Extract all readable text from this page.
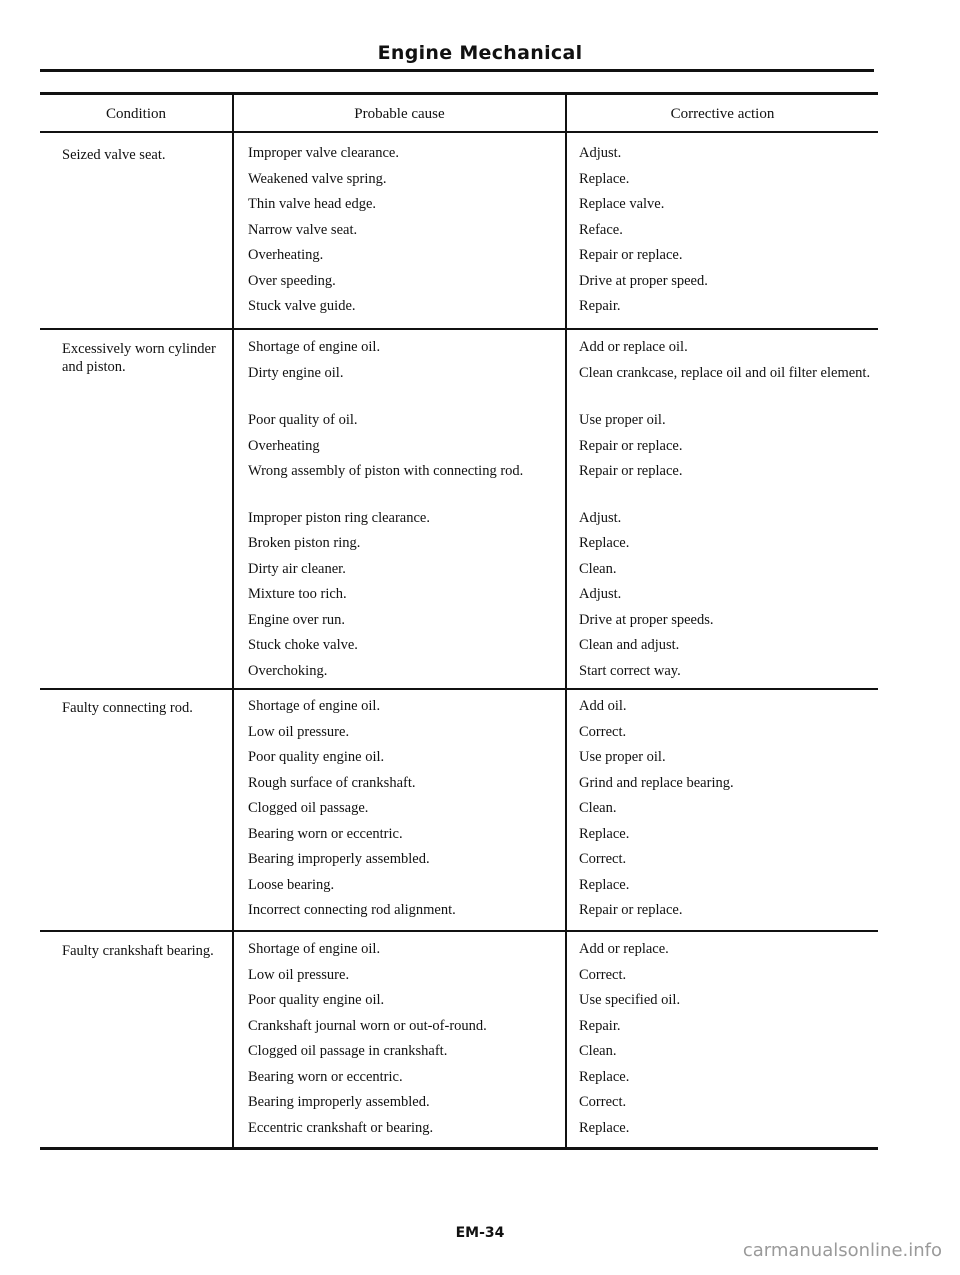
Engine Mechanical
Condition	Probable cause	Corrective action
Seized valve seat.	Improper valve clearance.	Adjust.
Weakened valve spring.	Replace.
Thin valve head edge.	Replace valve.
Narrow valve seat.	Reface.
Overheating.	Repair or replace.
Over speeding.	Drive at proper speed.
Stuck valve guide.	Repair.
Excessively worn cylinder and piston.
Shortage of engine oil.	Add or replace oil.
Dirty engine oil.	Clean crankcase, replace oil and oil filter element.
Poor quality of oil.	Use proper oil.
Overheating	Repair or replace.
Wrong assembly of piston with connecting rod.	Repair or replace.
Improper piston ring clearance.	Adjust.
Broken piston ring.	Replace.
Dirty air cleaner.	Clean.
Mixture too rich.	Adjust.
Engine over run.	Drive at proper speeds.
Stuck choke valve.	Clean and adjust.
Overchoking.	Start correct way.
Faulty connecting rod.	Shortage of engine oil.	Add oil.
Low oil pressure.	Correct.
Poor quality engine oil.	Use proper oil.
Rough surface of crankshaft.	Grind and replace bearing.
Clogged oil passage.	Clean.
Bearing worn or eccentric.	Replace.
Bearing improperly assembled.	Correct.
Loose bearing.	Replace.
Incorrect connecting rod alignment.	Repair or replace.
Faulty crankshaft bearing.	Shortage of engine oil.	Add or replace.
Low oil pressure.	Correct.
Poor quality engine oil.	Use specified oil.
Crankshaft journal worn or out-of-round.	Repair.
Clogged oil passage in crankshaft.	Clean.
Bearing worn or eccentric.	Replace.
Bearing improperly assembled.	Correct.
Eccentric crankshaft or bearing.	Replace.
EM-34
carmanualsonline.info
